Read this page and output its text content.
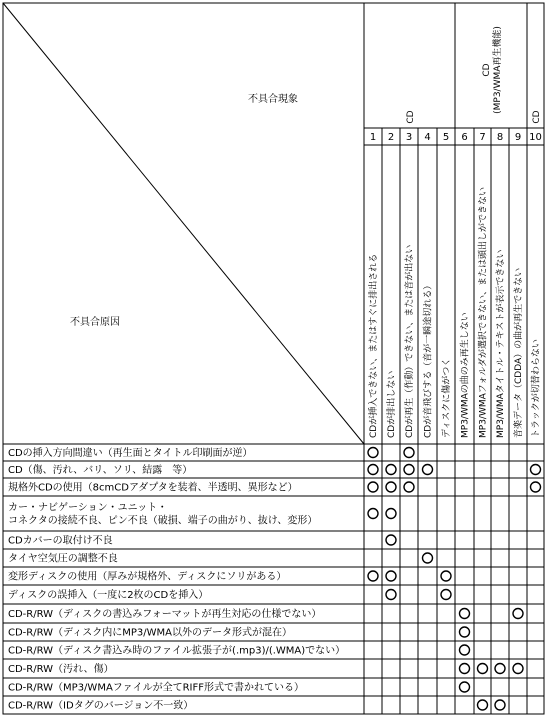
不具合現象
不具合原因
CD
CD (MP3/WMA再生機能)
CD
1
CDが挿入できない、またはすぐに排出される
2
CDが排出しない
3
CDが再生（作動）できない、または音が出ない
4
CDが音飛びする（音が一瞬途切れる）
5
ディスクに傷がつく
6
MP3/WMAの曲のみ再生しない
7
MP3/WMAフォルダが選択できない、または頭出しができない
8
MP3/WMAタイトル・テキストが表示できない
9
音楽データ（CDDA）の曲が再生できない
10
トラックが切替わらない
CDの挿入方向間違い（再生面とタイトル印刷面が逆）
CD（傷、汚れ、バリ、ソリ、結露　等）
規格外CDの使用（8cmCDアダプタを装着、半透明、異形など）
カー・ナビゲーション・ユニット・
コネクタの接続不良、ピン不良（破損、端子の曲がり、抜け、変形）
CDカバーの取付け不良
タイヤ空気圧の調整不良
変形ディスクの使用（厚みが規格外、ディスクにソリがある）
ディスクの誤挿入（一度に2枚のCDを挿入）
CD-R/RW（ディスクの書込みフォーマットが再生対応の仕様でない）
CD-R/RW（ディスク内にMP3/WMA以外のデータ形式が混在）
CD-R/RW（ディスク書込み時のファイル拡張子が(.mp3)/(.WMA)でない）
CD-R/RW（汚れ、傷）
CD-R/RW（MP3/WMAファイルが全てRIFF形式で書かれている）
CD-R/RW（IDタグのバージョン不一致）
